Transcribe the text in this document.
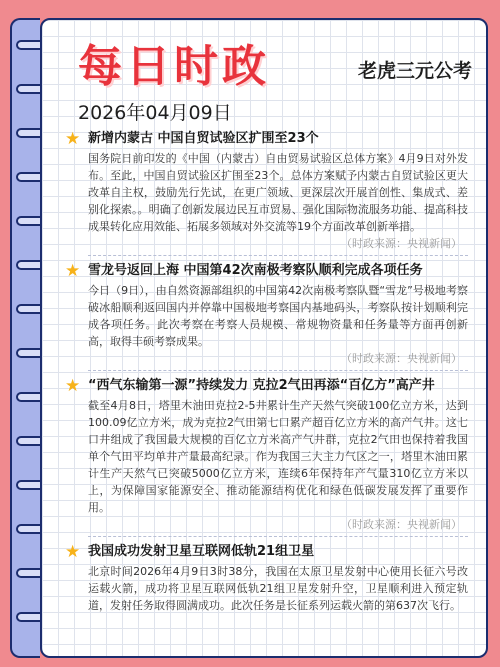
每日时政	老虎三元公考
2026年04月09日
★ 新增内蒙古 中国自贸试验区扩围至23个
国务院日前印发的《中国（内蒙古）自由贸易试验区总体方案》4月9日对外发布。至此，中国自贸试验区扩围至23个。总体方案赋予内蒙古自贸试验区更大改革自主权，鼓励先行先试，在更广领域、更深层次开展首创性、集成式、差别化探索。。明确了创新发展边民互市贸易、强化国际物流服务功能、提高科技成果转化应用效能、拓展多领域对外交流等19个方面改革创新举措。
（时政来源：央视新闻）
★ 雪龙号返回上海 中国第42次南极考察队顺利完成各项任务
今日（9日），由自然资源部组织的中国第42次南极考察队暨“雪龙”号极地考察破冰船顺利返回国内并停靠中国极地考察国内基地码头，考察队按计划顺利完成各项任务。此次考察在考察人员规模、常规物资量和任务量等方面再创新高，取得丰硕考察成果。
（时政来源：央视新闻）
★ “西气东输第一源”持续发力 克拉2气田再添“百亿方”高产井
截至4月8日，塔里木油田克拉2-5井累计生产天然气突破100亿立方米，达到100.09亿立方米，成为克拉2气田第七口累产超百亿立方米的高产气井。这七口井组成了我国最大规模的百亿立方米高产气井群，克拉2气田也保持着我国单个气田平均单井产量最高纪录。作为我国三大主力气区之一，塔里木油田累计生产天然气已突破5000亿立方米，连续6年保持年产气量310亿立方米以上，为保障国家能源安全、推动能源结构优化和绿色低碳发展发挥了重要作用。
（时政来源：央视新闻）
★ 我国成功发射卫星互联网低轨21组卫星
北京时间2026年4月9日3时38分，我国在太原卫星发射中心使用长征六号改运载火箭，成功将卫星互联网低轨21组卫星发射升空，卫星顺利进入预定轨道，发射任务取得圆满成功。此次任务是长征系列运载火箭的第637次飞行。
